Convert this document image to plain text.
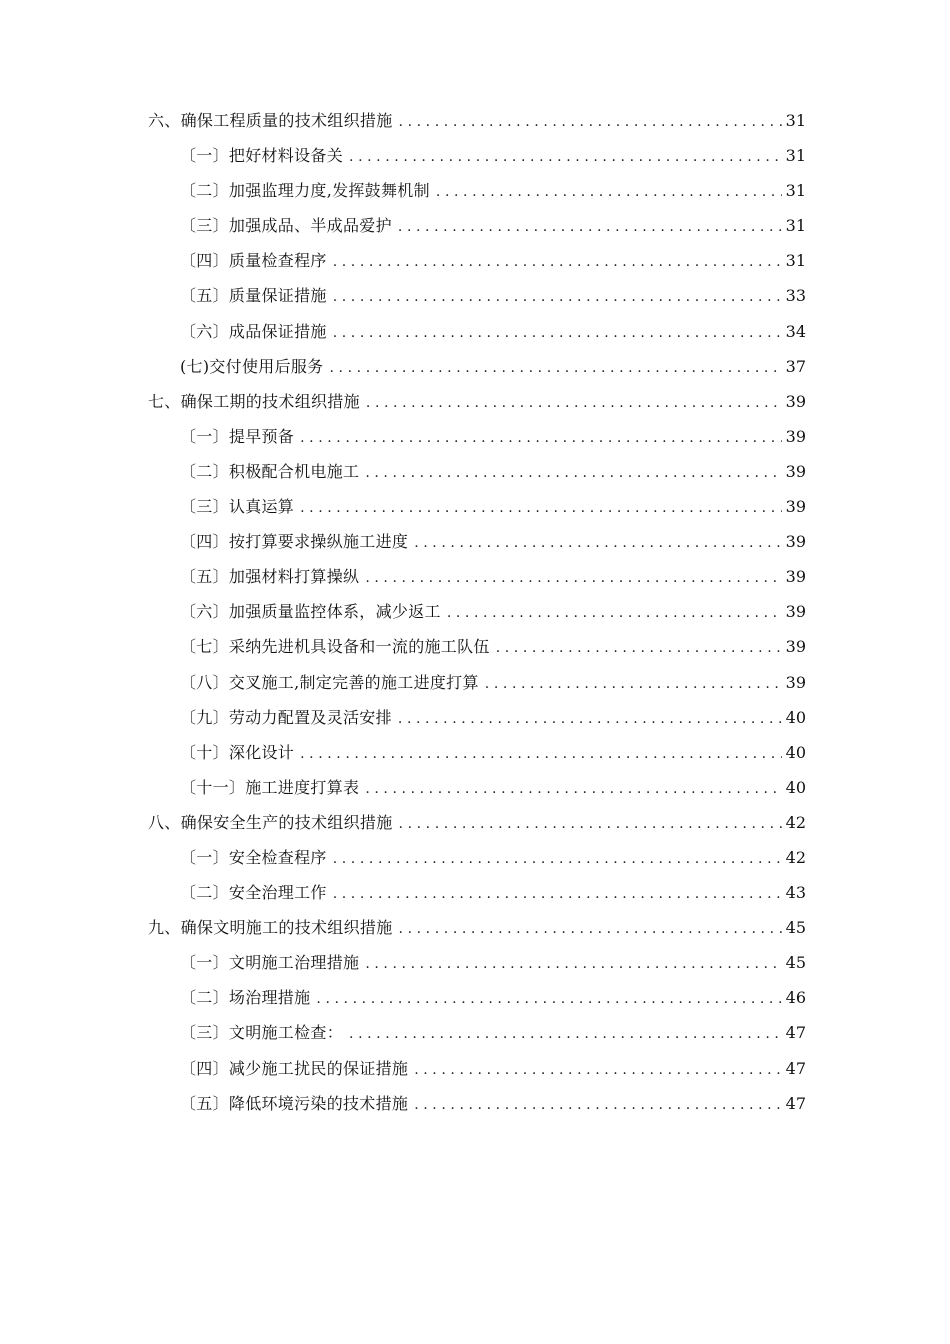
六、确保工程质量的技术组织措施 .....	31
〔一〕把好材料设备关 .....	31
〔二〕加强监理力度,发挥鼓舞机制 .....	31
〔三〕加强成品、半成品爱护 .....	31
〔四〕质量检查程序 .....	31
〔五〕质量保证措施 .....	33
〔六〕成品保证措施 .....	34
(七)交付使用后服务 .....	37
七、确保工期的技术组织措施 .....	39
〔一〕提早预备 .....	39
〔二〕积极配合机电施工 .....	39
〔三〕认真运算 .....	39
〔四〕按打算要求操纵施工进度 .....	39
〔五〕加强材料打算操纵 .....	39
〔六〕加强质量监控体系，减少返工 .....	39
〔七〕采纳先进机具设备和一流的施工队伍 .....	39
〔八〕交叉施工,制定完善的施工进度打算 .....	39
〔九〕劳动力配置及灵活安排 .....	40
〔十〕深化设计 .....	40
〔十一〕施工进度打算表 .....	40
八、确保安全生产的技术组织措施 .....	42
〔一〕安全检查程序 .....	42
〔二〕安全治理工作 .....	43
九、确保文明施工的技术组织措施 .....	45
〔一〕文明施工治理措施 .....	45
〔二〕场治理措施 .....	46
〔三〕文明施工检查： .....	47
〔四〕减少施工扰民的保证措施 .....	47
〔五〕降低环境污染的技术措施 .....	47
